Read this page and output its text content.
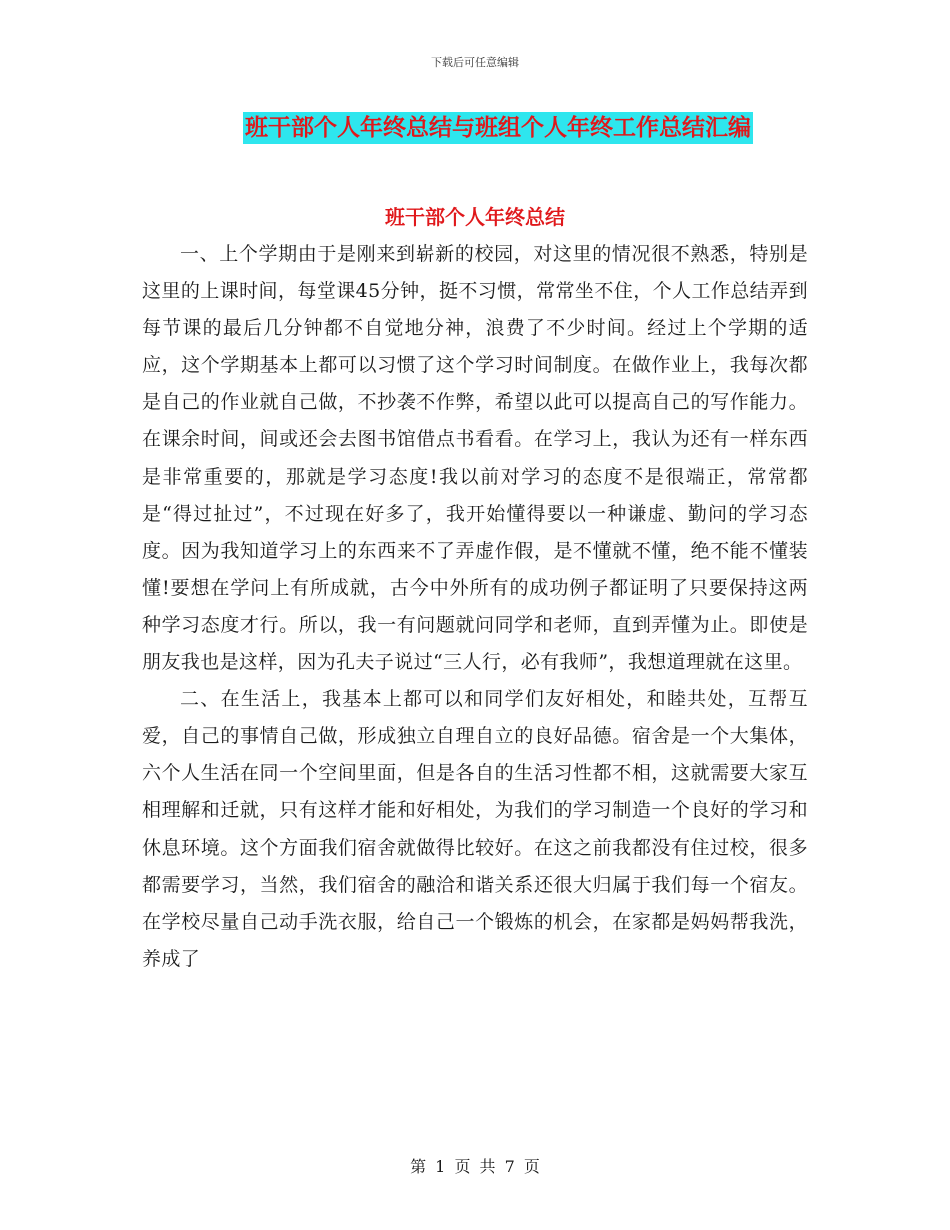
下载后可任意编辑
班干部个人年终总结与班组个人年终工作总结汇编
班干部个人年终总结

一、上个学期由于是刚来到崭新的校园，对这里的情况很不熟悉，特别是这里的上课时间，每堂课45分钟，挺不习惯，常常坐不住，个人工作总结弄到每节课的最后几分钟都不自觉地分神，浪费了不少时间。经过上个学期的适应，这个学期基本上都可以习惯了这个学习时间制度。在做作业上，我每次都是自己的作业就自己做，不抄袭不作弊，希望以此可以提高自己的写作能力。在课余时间，间或还会去图书馆借点书看看。在学习上，我认为还有一样东西是非常重要的，那就是学习态度!我以前对学习的态度不是很端正，常常都是“得过扯过”，不过现在好多了，我开始懂得要以一种谦虚、勤问的学习态度。因为我知道学习上的东西来不了弄虚作假，是不懂就不懂，绝不能不懂装懂!要想在学问上有所成就，古今中外所有的成功例子都证明了只要保持这两种学习态度才行。所以，我一有问题就问同学和老师，直到弄懂为止。即使是朋友我也是这样，因为孔夫子说过“三人行，必有我师”，我想道理就在这里。

二、在生活上，我基本上都可以和同学们友好相处，和睦共处，互帮互爱，自己的事情自己做，形成独立自理自立的良好品德。宿舍是一个大集体，六个人生活在同一个空间里面，但是各自的生活习性都不相，这就需要大家互相理解和迁就，只有这样才能和好相处，为我们的学习制造一个良好的学习和休息环境。这个方面我们宿舍就做得比较好。在这之前我都没有住过校，很多都需要学习，当然，我们宿舍的融洽和谐关系还很大归属于我们每一个宿友。在学校尽量自己动手洗衣服，给自己一个锻炼的机会，在家都是妈妈帮我洗，养成了

第 1 页 共 7 页
